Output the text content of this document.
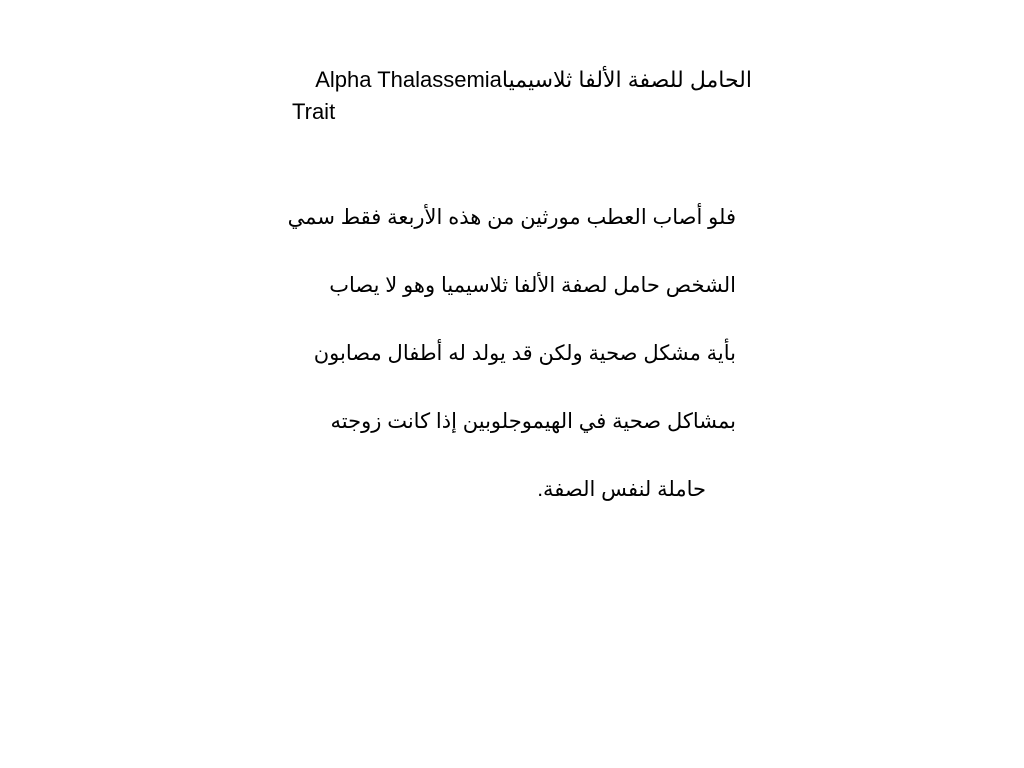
الحامل للصفة الألفا ثلاسيمياAlpha Thalassemia
Trait
فلو أصاب العطب مورثين من هذه الأربعة فقط سمي
الشخص حامل لصفة الألفا ثلاسيميا وهو لا يصاب
بأية مشكل صحية ولكن قد يولد له أطفال مصابون
بمشاكل صحية في الهيموجلوبين إذا كانت زوجته
حاملة لنفس الصفة.
